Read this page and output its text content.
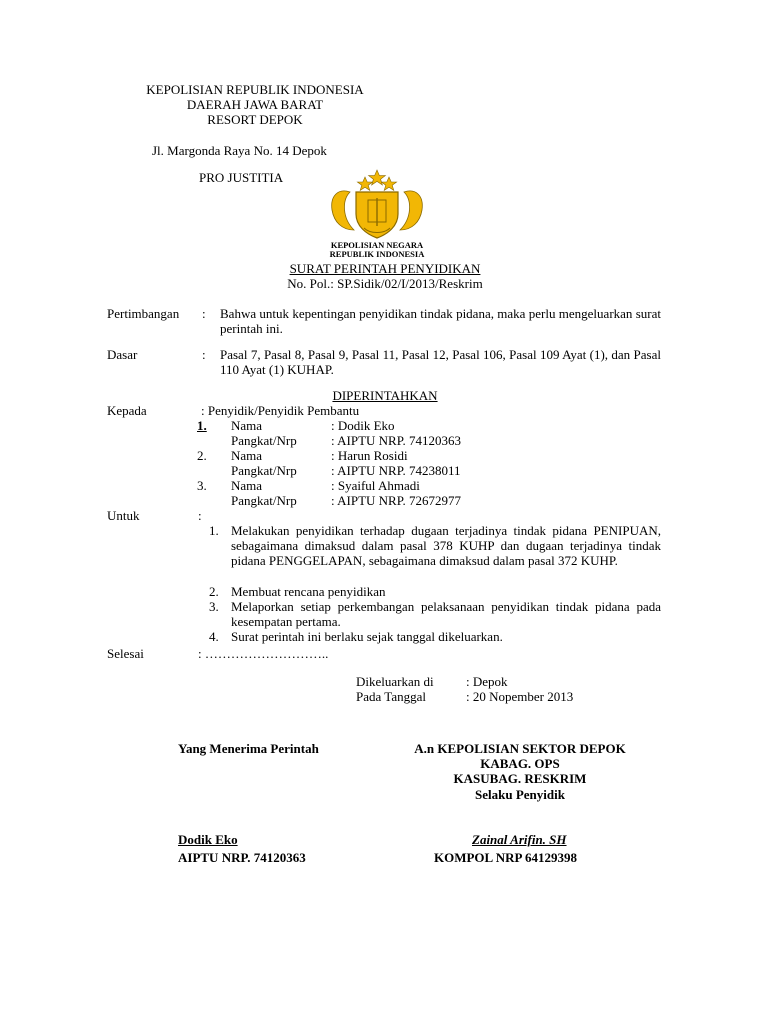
KEPOLISIAN REPUBLIK INDONESIA
DAERAH JAWA BARAT
RESORT DEPOK
Jl. Margonda Raya No. 14 Depok
PRO JUSTITIA
KEPOLISIAN NEGARA
REPUBLIK INDONESIA
SURAT PERINTAH PENYIDIKAN
No. Pol.: SP.Sidik/02/I/2013/Reskrim
Pertimbangan : Bahwa untuk kepentingan penyidikan tindak pidana, maka perlu mengeluarkan surat perintah ini.
Dasar	: Pasal 7, Pasal 8, Pasal 9, Pasal 11, Pasal 12, Pasal 106, Pasal 109 Ayat (1), dan Pasal 110 Ayat (1) KUHAP.
DIPERINTAHKAN
Kepada	: Penyidik/Penyidik Pembantu
1. Nama	: Dodik Eko
Pangkat/Nrp	: AIPTU NRP. 74120363
2. Nama	: Harun Rosidi
Pangkat/Nrp	: AIPTU NRP. 74238011
3. Nama	: Syaiful Ahmadi
Pangkat/Nrp	: AIPTU NRP. 72672977
Untuk	:
1. Melakukan penyidikan terhadap dugaan terjadinya tindak pidana PENIPUAN, sebagaimana dimaksud dalam pasal 378 KUHP dan dugaan terjadinya tindak pidana PENGGELAPAN, sebagaimana dimaksud dalam pasal 372 KUHP.
2. Membuat rencana penyidikan
3. Melaporkan setiap perkembangan pelaksanaan penyidikan tindak pidana pada kesempatan pertama.
4. Surat perintah ini berlaku sejak tanggal dikeluarkan.
Selesai	: ………………………..
Dikeluarkan di : Depok
Pada Tanggal	: 20 Nopember 2013
Yang Menerima Perintah	A.n KEPOLISIAN SEKTOR DEPOK
KABAG. OPS
KASUBAG. RESKRIM
Selaku Penyidik
Dodik Eko
AIPTU NRP. 74120363
Zainal Arifin. SH
KOMPOL NRP 64129398
